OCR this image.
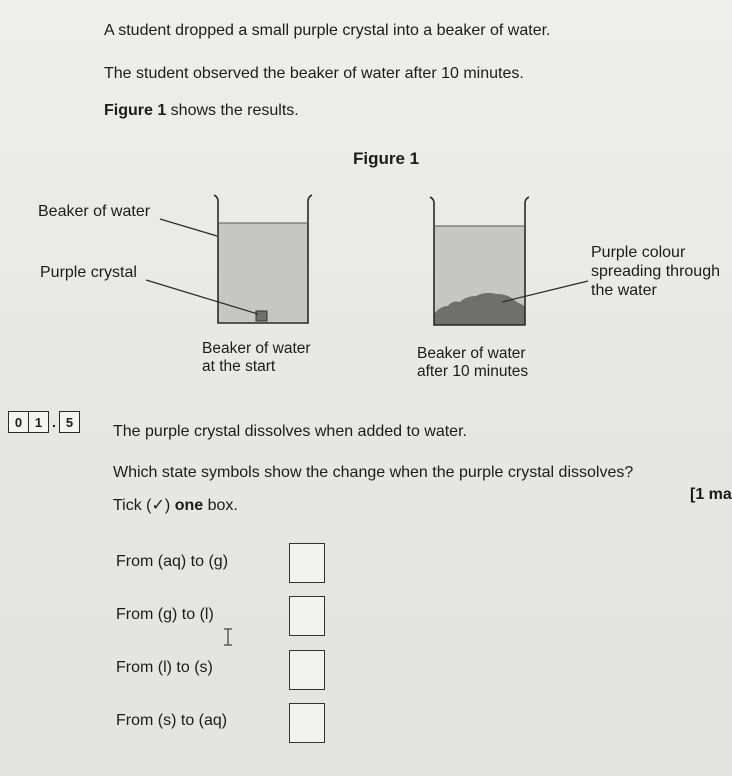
A student dropped a small purple crystal into a beaker of water.
The student observed the beaker of water after 10 minutes.
Figure 1 shows the results.
Figure 1
Beaker of water
Purple crystal
Purple colour
spreading through
the water
Beaker of water
at the start
Beaker of water
after 10 minutes
0 1 . 5
The purple crystal dissolves when added to water.
Which state symbols show the change when the purple crystal dissolves?
Tick (✓) one box.
[1 ma
From (aq) to (g)
From (g) to (l)
From (l) to (s)
From (s) to (aq)
